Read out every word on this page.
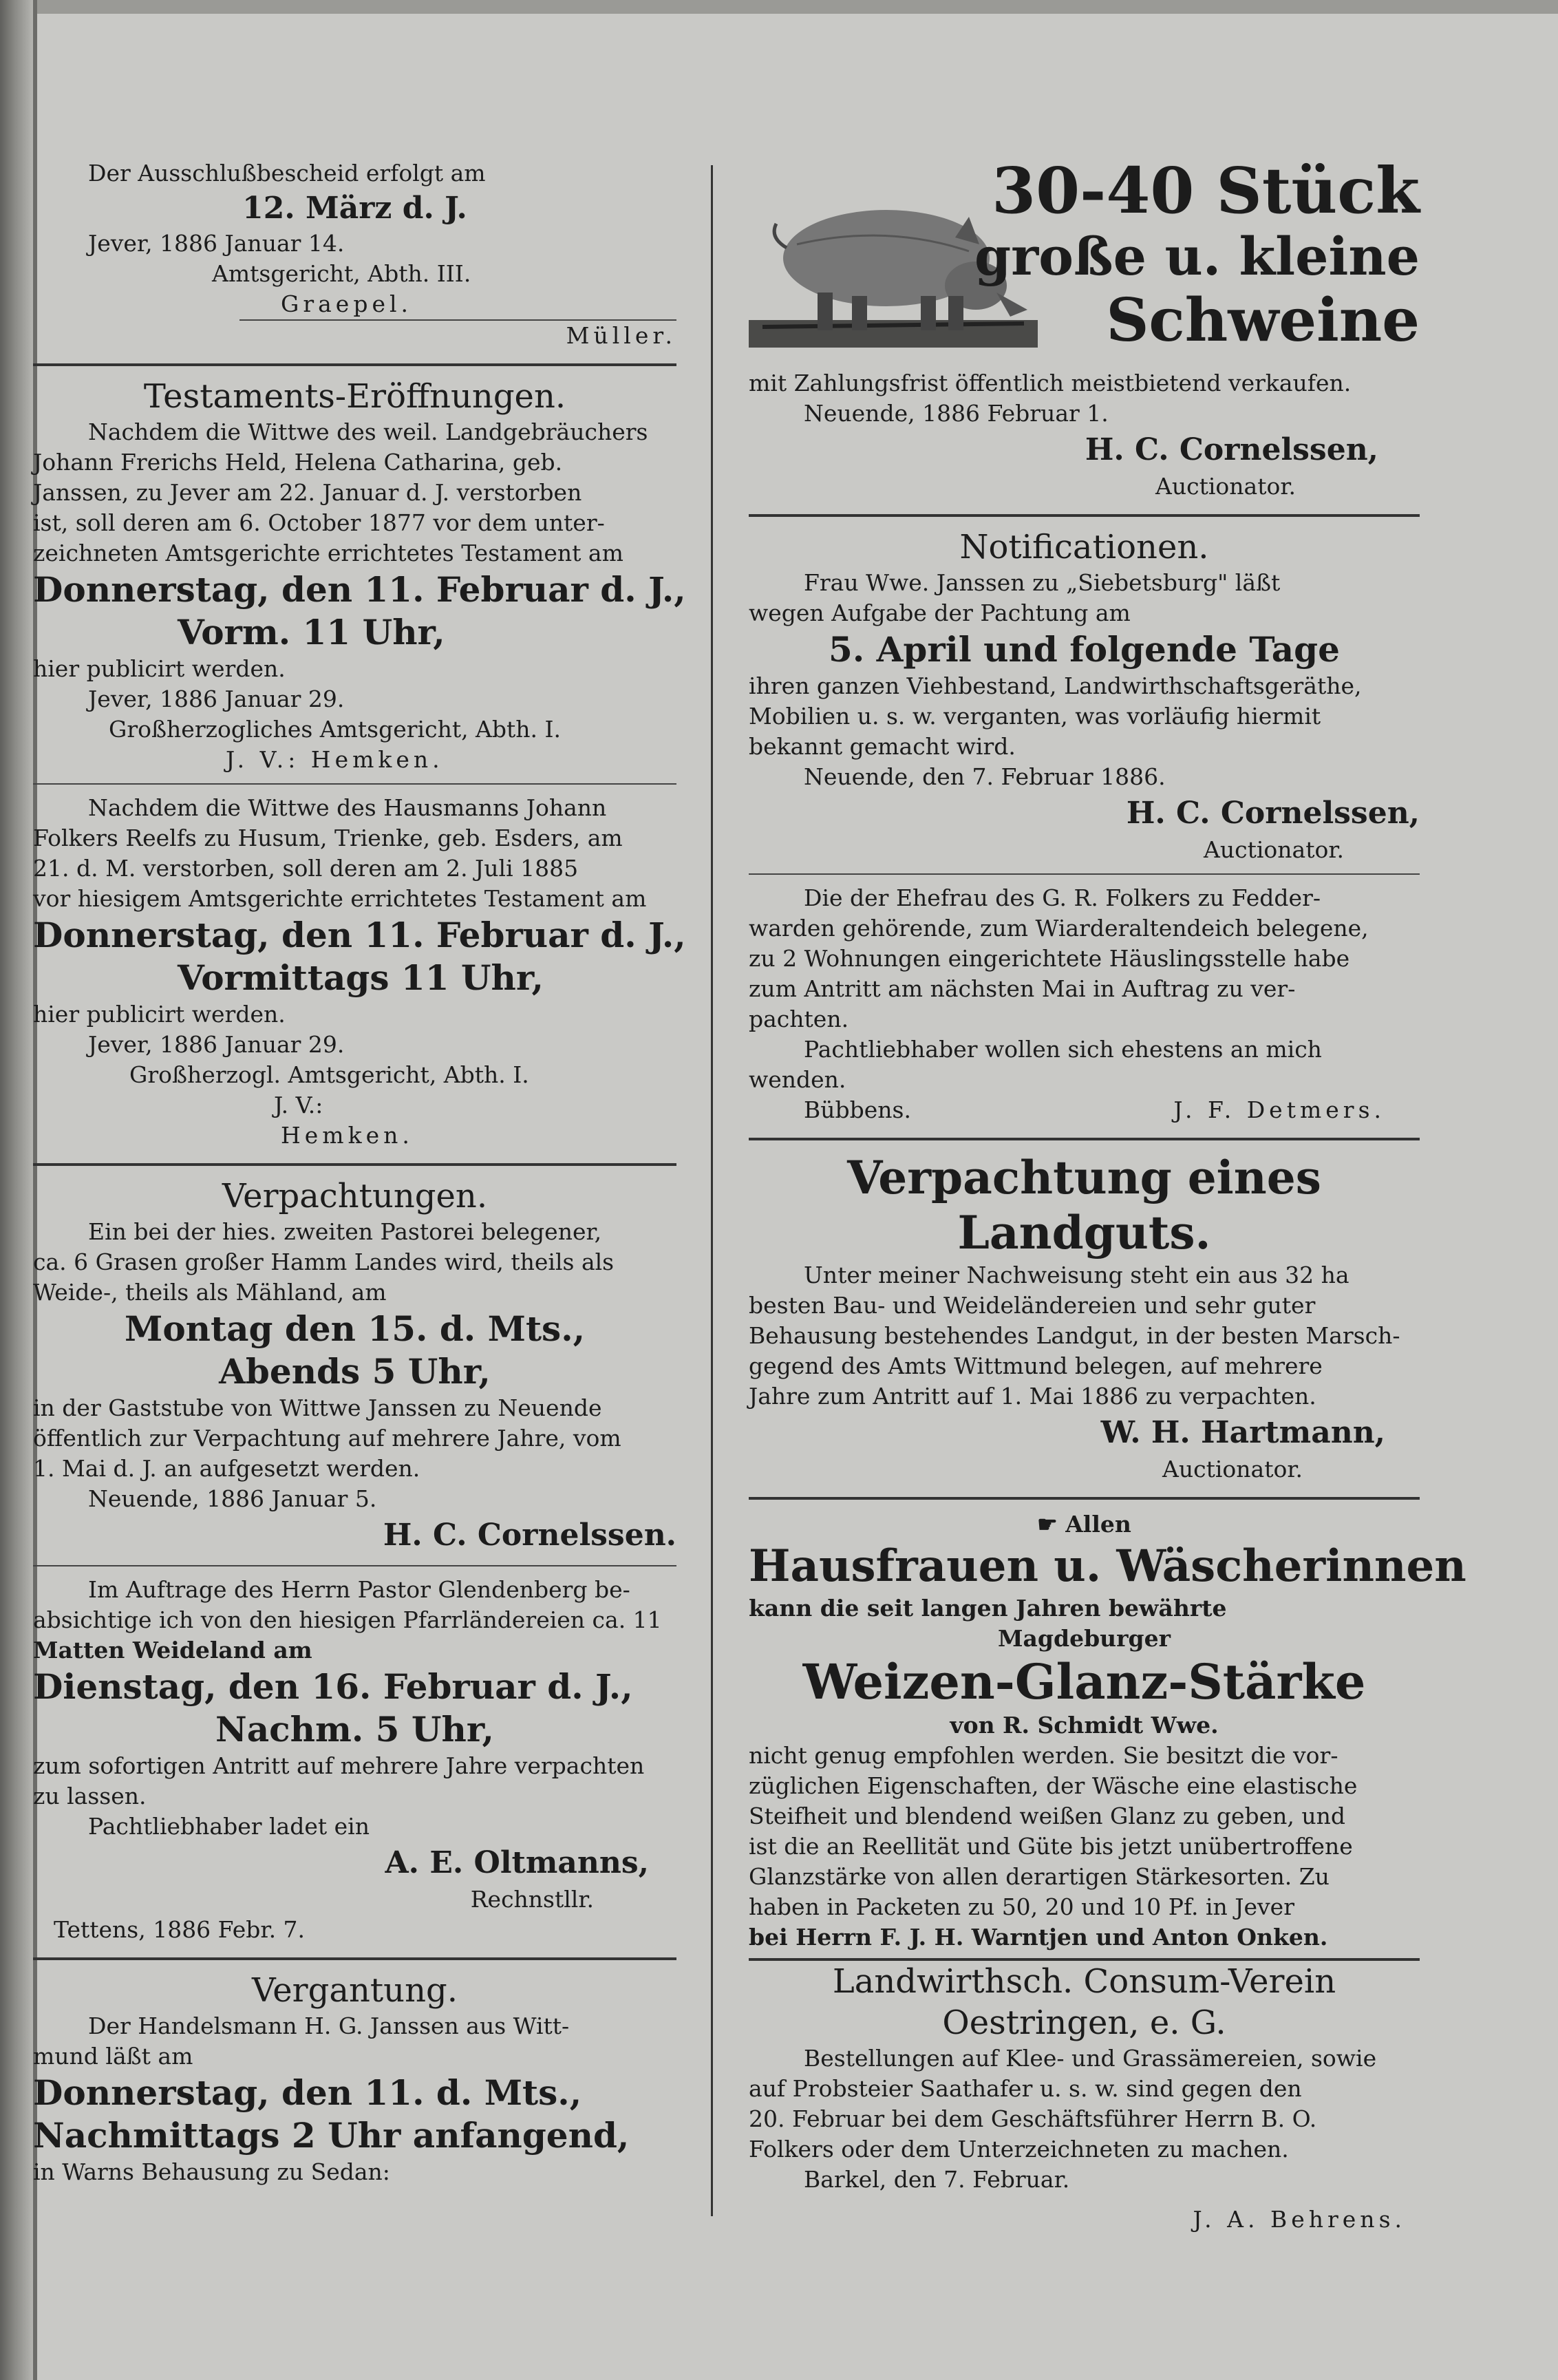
Der Ausschlußbescheid erfolgt am
12. März d. J.
Jever, 1886 Januar 14.
Amtsgericht, Abth. III.
Graepel.
Müller.
Testaments-Eröffnungen.
Nachdem die Wittwe des weil. Landgebräuchers
Johann Frerichs Held, Helena Catharina, geb.
Janssen, zu Jever am 22. Januar d. J. verstorben
ist, soll deren am 6. October 1877 vor dem unter-
zeichneten Amtsgerichte errichtetes Testament am
Donnerstag, den 11. Februar d. J.,
Vorm. 11 Uhr,
hier publicirt werden.
Jever, 1886 Januar 29.
Großherzogliches Amtsgericht, Abth. I.
J. V.: Hemken.
Nachdem die Wittwe des Hausmanns Johann
Folkers Reelfs zu Husum, Trienke, geb. Esders, am
21. d. M. verstorben, soll deren am 2. Juli 1885
vor hiesigem Amtsgerichte errichtetes Testament am
Donnerstag, den 11. Februar d. J.,
Vormittags 11 Uhr,
hier publicirt werden.
Jever, 1886 Januar 29.
Großherzogl. Amtsgericht, Abth. I.
J. V.:
Hemken.
Verpachtungen.
Ein bei der hies. zweiten Pastorei belegener,
ca. 6 Grasen großer Hamm Landes wird, theils als
Weide-, theils als Mähland, am
Montag den 15. d. Mts.,
Abends 5 Uhr,
in der Gaststube von Wittwe Janssen zu Neuende
öffentlich zur Verpachtung auf mehrere Jahre, vom
1. Mai d. J. an aufgesetzt werden.
Neuende, 1886 Januar 5.
H. C. Cornelssen.
Im Auftrage des Herrn Pastor Glendenberg be-
absichtige ich von den hiesigen Pfarrländereien ca. 11
Matten Weideland am
Dienstag, den 16. Februar d. J.,
Nachm. 5 Uhr,
zum sofortigen Antritt auf mehrere Jahre verpachten
zu lassen.
Pachtliebhaber ladet ein
A. E. Oltmanns,
Rechnstllr.
Tettens, 1886 Febr. 7.
Vergantung.
Der Handelsmann H. G. Janssen aus Witt-
mund läßt am
Donnerstag, den 11. d. Mts.,
Nachmittags 2 Uhr anfangend,
in Warns Behausung zu Sedan:
30-40 Stück
große u. kleine
Schweine
mit Zahlungsfrist öffentlich meistbietend verkaufen.
Neuende, 1886 Februar 1.
H. C. Cornelssen,
Auctionator.
Notificationen.
Frau Wwe. Janssen zu „Siebetsburg" läßt
wegen Aufgabe der Pachtung am
5. April und folgende Tage
ihren ganzen Viehbestand, Landwirthschaftsgeräthe,
Mobilien u. s. w. verganten, was vorläufig hiermit
bekannt gemacht wird.
Neuende, den 7. Februar 1886.
H. C. Cornelssen,
Auctionator.
Die der Ehefrau des G. R. Folkers zu Fedder-
warden gehörende, zum Wiarderaltendeich belegene,
zu 2 Wohnungen eingerichtete Häuslingsstelle habe
zum Antritt am nächsten Mai in Auftrag zu ver-
pachten.
Pachtliebhaber wollen sich ehestens an mich
wenden.
Bübbens.	J. F. Detmers.
Verpachtung eines
Landguts.
Unter meiner Nachweisung steht ein aus 32 ha
besten Bau- und Weideländereien und sehr guter
Behausung bestehendes Landgut, in der besten Marsch-
gegend des Amts Wittmund belegen, auf mehrere
Jahre zum Antritt auf 1. Mai 1886 zu verpachten.
W. H. Hartmann,
Auctionator.
☛ Allen
Hausfrauen u. Wäscherinnen
kann die seit langen Jahren bewährte
Magdeburger
Weizen-Glanz-Stärke
von R. Schmidt Wwe.
nicht genug empfohlen werden. Sie besitzt die vor-
züglichen Eigenschaften, der Wäsche eine elastische
Steifheit und blendend weißen Glanz zu geben, und
ist die an Reellität und Güte bis jetzt unübertroffene
Glanzstärke von allen derartigen Stärkesorten. Zu
haben in Packeten zu 50, 20 und 10 Pf. in Jever
bei Herrn F. J. H. Warntjen und Anton Onken.
Landwirthsch. Consum-Verein
Oestringen, e. G.
Bestellungen auf Klee- und Grassämereien, sowie
auf Probsteier Saathafer u. s. w. sind gegen den
20. Februar bei dem Geschäftsführer Herrn B. O.
Folkers oder dem Unterzeichneten zu machen.
Barkel, den 7. Februar.
J. A. Behrens.
